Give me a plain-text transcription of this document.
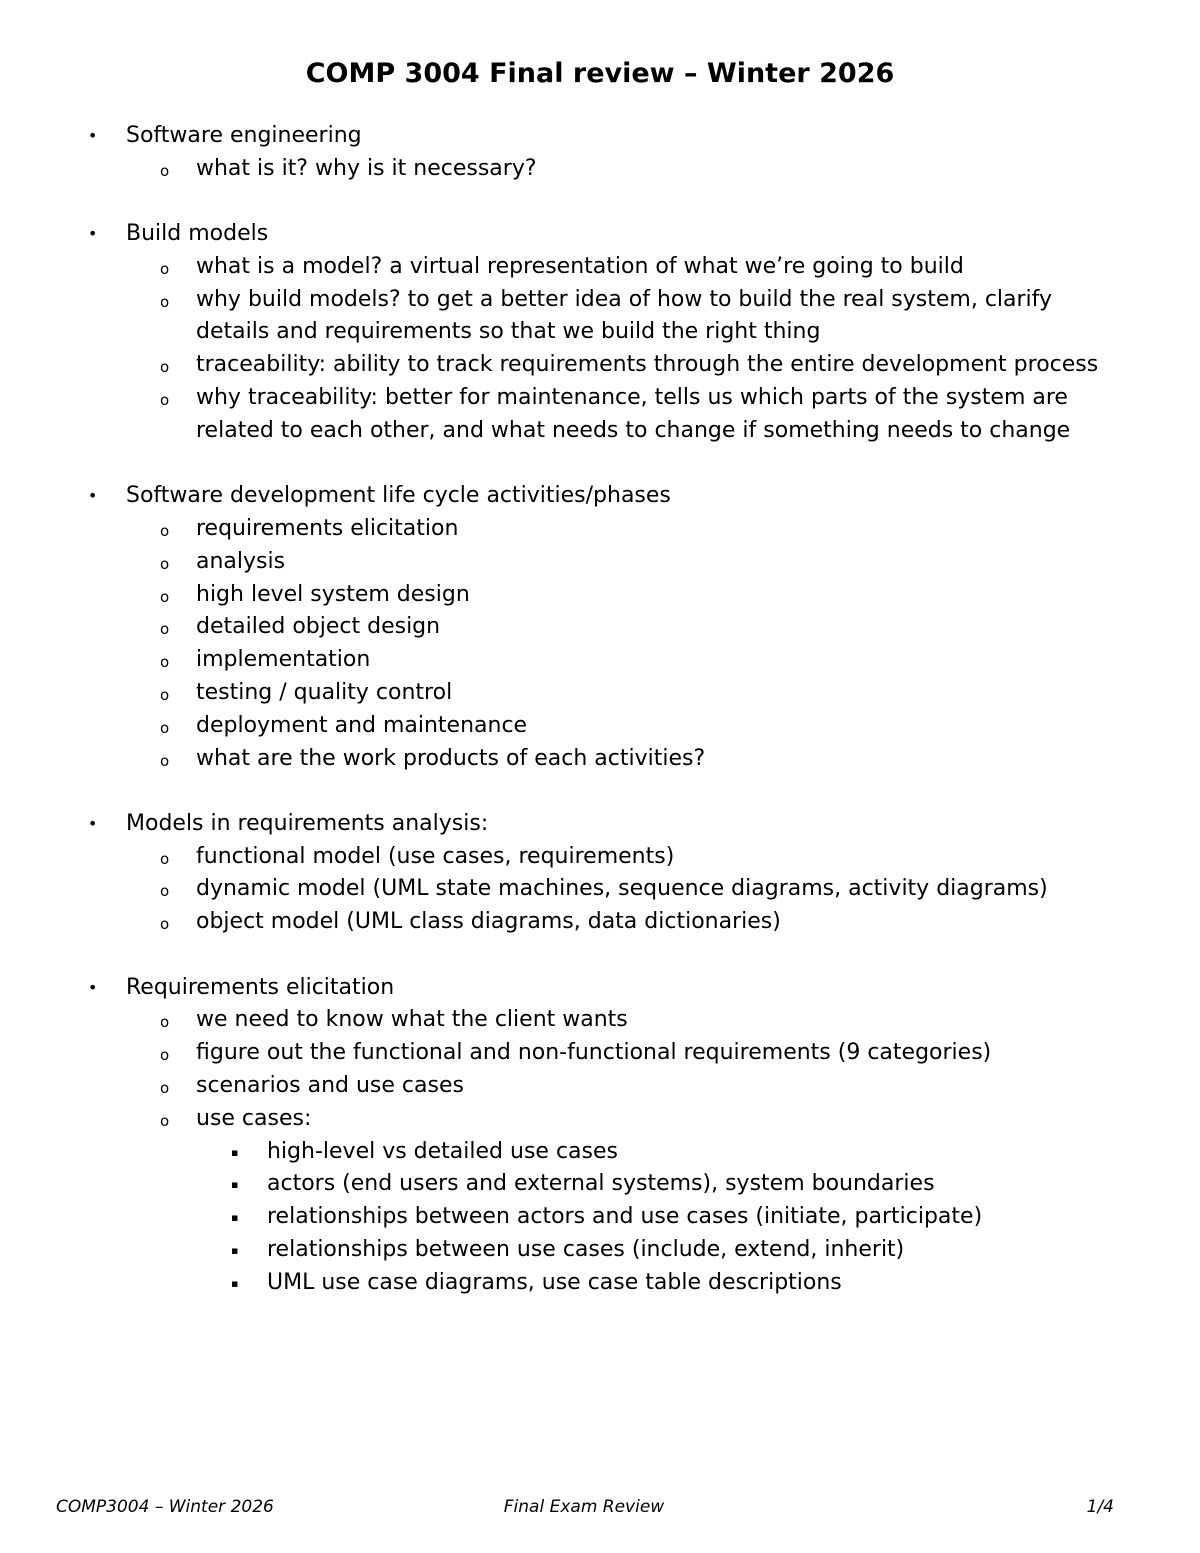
COMP 3004 Final review – Winter 2026
• Software engineering
o what is it? why is it necessary?
• Build models
o what is a model? a virtual representation of what we’re going to build
o why build models? to get a better idea of how to build the real system, clarify details and requirements so that we build the right thing
o traceability: ability to track requirements through the entire development process
o why traceability: better for maintenance, tells us which parts of the system are related to each other, and what needs to change if something needs to change
• Software development life cycle activities/phases
o requirements elicitation
o analysis
o high level system design
o detailed object design
o implementation
o testing / quality control
o deployment and maintenance
o what are the work products of each activities?
• Models in requirements analysis:
o functional model (use cases, requirements)
o dynamic model (UML state machines, sequence diagrams, activity diagrams)
o object model (UML class diagrams, data dictionaries)
• Requirements elicitation
o we need to know what the client wants
o figure out the functional and non-functional requirements (9 categories)
o scenarios and use cases
o use cases:
▪ high-level vs detailed use cases
▪ actors (end users and external systems), system boundaries
▪ relationships between actors and use cases (initiate, participate)
▪ relationships between use cases (include, extend, inherit)
▪ UML use case diagrams, use case table descriptions
COMP3004 – Winter 2026	Final Exam Review	1/4
